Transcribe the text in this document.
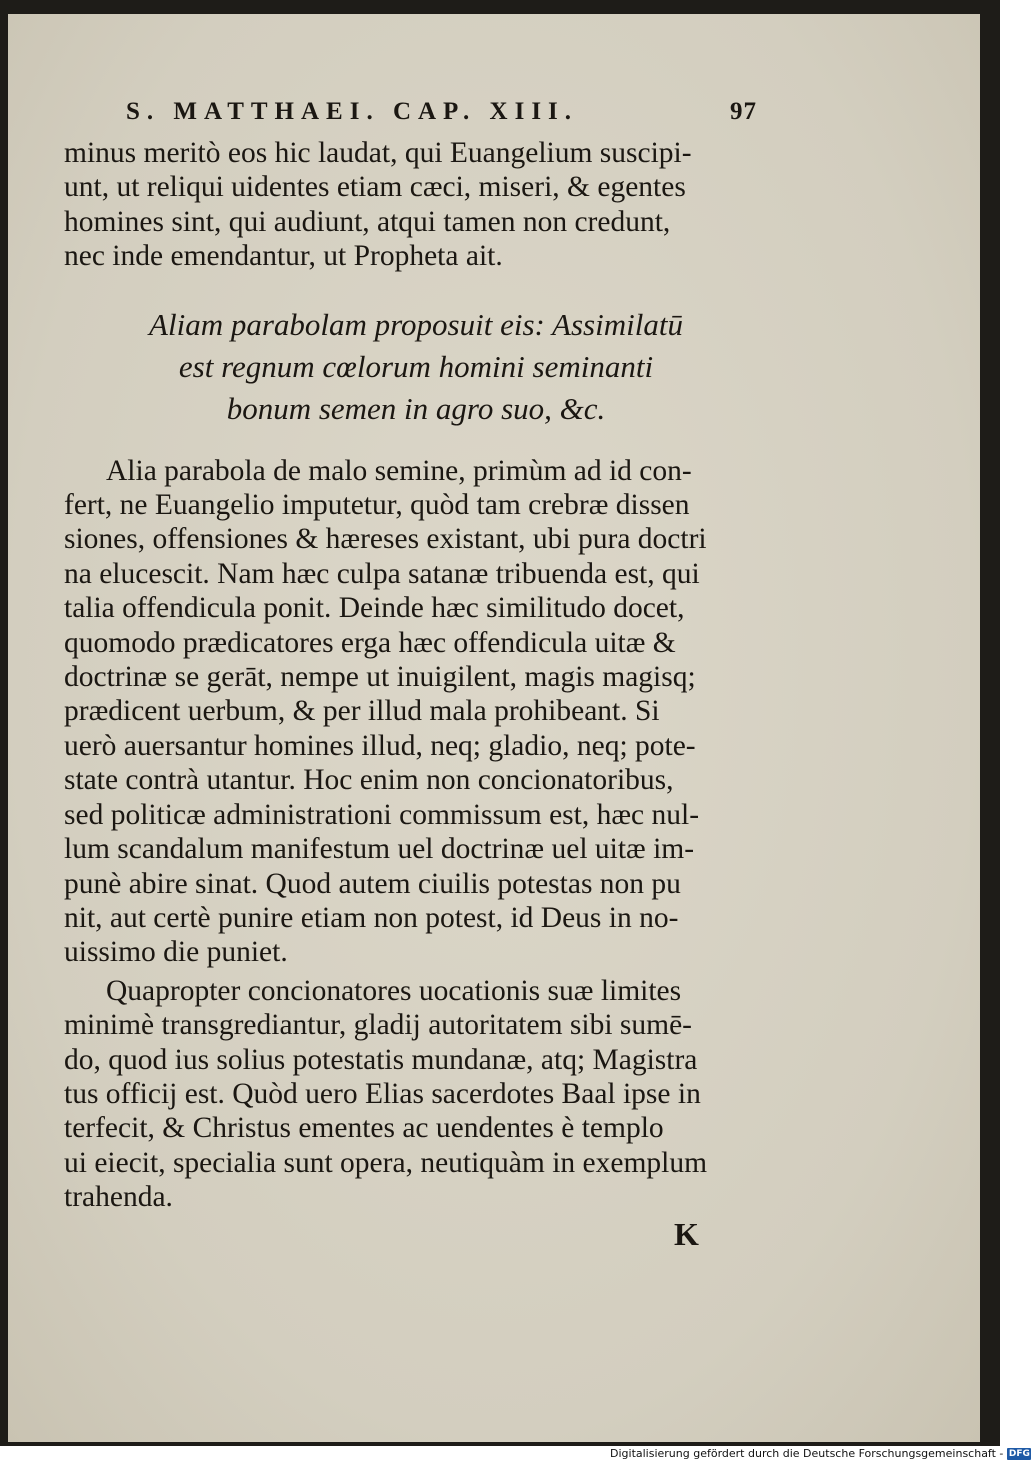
S. MATTHAEI. CAP. XIII.	97
minus meritò eos hic laudat, qui Euangelium suscipi-
unt, ut reliqui uidentes etiam cæci, miseri, & egentes
homines sint, qui audiunt, atqui tamen non credunt,
nec inde emendantur, ut Propheta ait.
Aliam parabolam proposuit eis: Assimilatū
est regnum cœlorum homini seminanti
bonum semen in agro suo, &c.
Alia parabola de malo semine, primùm ad id con-
fert, ne Euangelio imputetur, quòd tam crebræ dissen
siones, offensiones & hæreses existant, ubi pura doctri
na elucescit. Nam hæc culpa satanæ tribuenda est, qui
talia offendicula ponit. Deinde hæc similitudo docet,
quomodo prædicatores erga hæc offendicula uitæ &
doctrinæ se gerāt, nempe ut inuigilent, magis magisq;
prædicent uerbum, & per illud mala prohibeant. Si
uerò auersantur homines illud, neq; gladio, neq; pote-
state contrà utantur. Hoc enim non concionatoribus,
sed politicæ administrationi commissum est, hæc nul-
lum scandalum manifestum uel doctrinæ uel uitæ im-
punè abire sinat. Quod autem ciuilis potestas non pu
nit, aut certè punire etiam non potest, id Deus in no-
uissimo die puniet.
Quapropter concionatores uocationis suæ limites
minimè transgrediantur, gladij autoritatem sibi sumē-
do, quod ius solius potestatis mundanæ, atq; Magistra
tus officij est. Quòd uero Elias sacerdotes Baal ipse in
terfecit, & Christus ementes ac uendentes è templo
ui eiecit, specialia sunt opera, neutiquàm in exemplum
trahenda.
K
Digitalisierung gefördert durch die Deutsche Forschungsgemeinschaft - DFG
